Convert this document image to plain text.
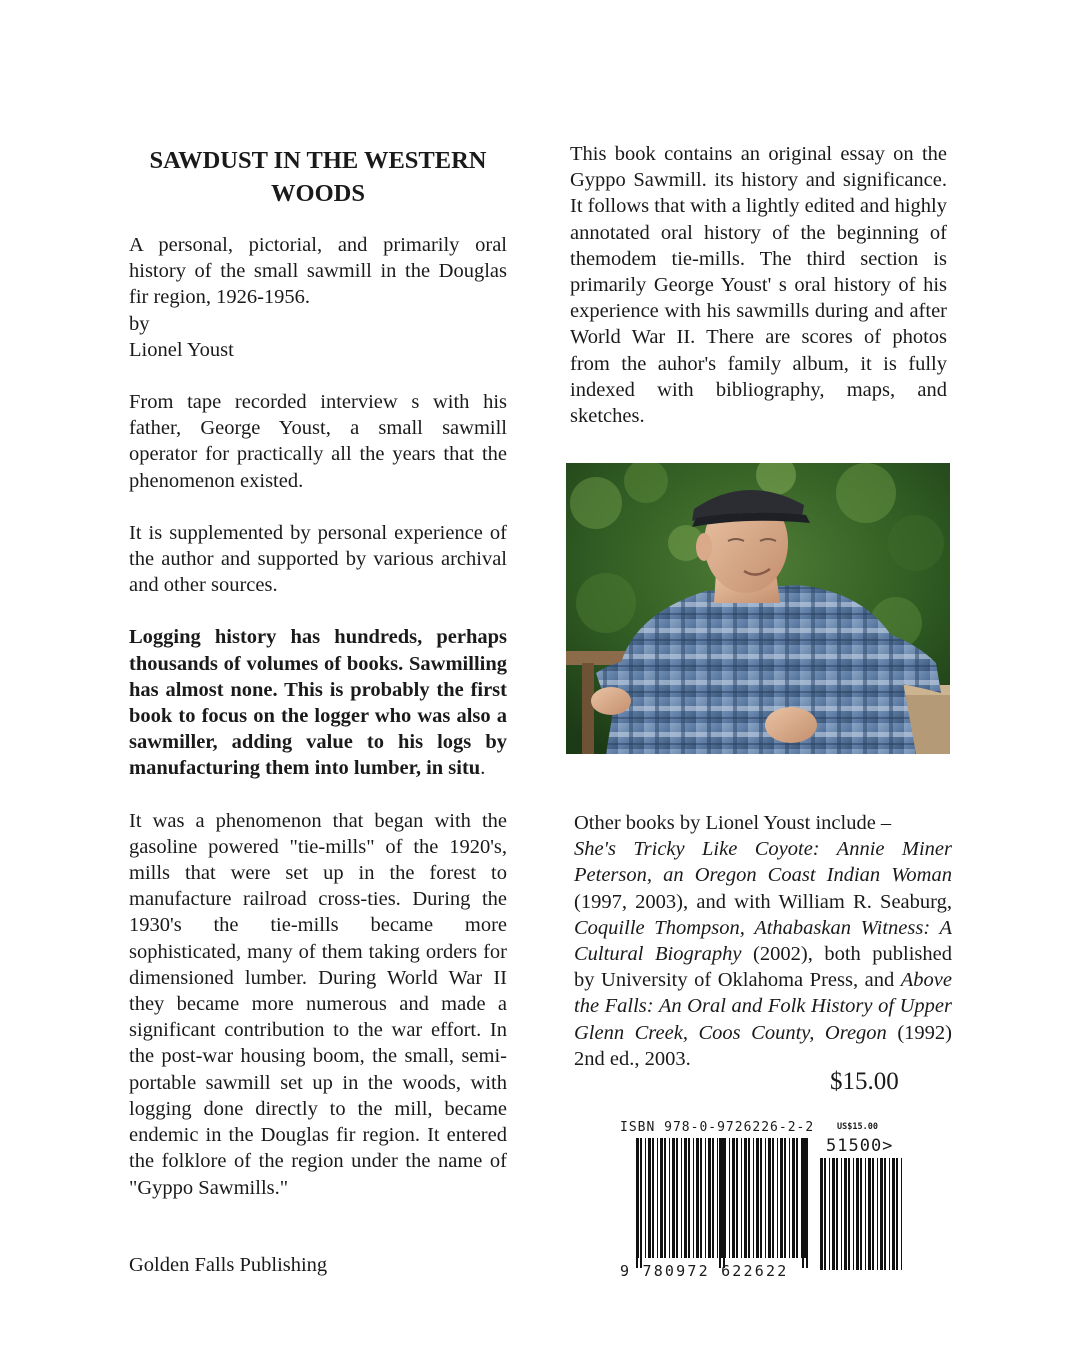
SAWDUST IN THE WESTERN
WOODS

A personal, pictorial, and primarily oral history of the small sawmill in the Douglas fir region, 1926-1956.

by

Lionel Youst

From tape recorded interview s with his father, George Youst, a small sawmill operator for practically all the years that the phenomenon existed.

It is supplemented by personal experience of the author and supported by various archival and other sources.

Logging history has hundreds, perhaps thousands of volumes of books. Sawmilling has almost none. This is probably the first book to focus on the logger who was also a sawmiller, adding value to his logs by manufacturing them into lumber, in situ.

It was a phenomenon that began with the gasoline powered "tie-mills" of the 1920's, mills that were set up in the forest to manufacture railroad cross-ties. During the 1930's the tie-mills became more sophisticated, many of them taking orders for dimensioned lumber. During World War II they became more numerous and made a significant contribution to the war effort. In the post-war housing boom, the small, semi-portable sawmill set up in the woods, with logging done directly to the mill, became endemic in the Douglas fir region. It entered the folklore of the region under the name of "Gyppo Sawmills."

This book contains an original essay on the Gyppo Sawmill. its history and significance. It follows that with a lightly edited and highly annotated oral history of the beginning of themodem tie-mills. The third section is primarily George Youst' s oral history of his experience with his sawmills during and after World War II. There are scores of photos from the auhor's family album, it is fully indexed with bibliography, maps, and sketches.

Other books by Lionel Youst include –
She's Tricky Like Coyote: Annie Miner Peterson, an Oregon Coast Indian Woman (1997, 2003), and with William R. Seaburg, Coquille Thompson, Athabaskan Witness: A Cultural Biography (2002), both published by University of Oklahoma Press, and Above the Falls: An Oral and Folk History of Upper Glenn Creek, Coos County, Oregon (1992) 2nd ed., 2003.

$15.00
ISBN 978-0-9726226-2-2	US$15.00
51500>
9 780972 622622
Golden Falls Publishing
